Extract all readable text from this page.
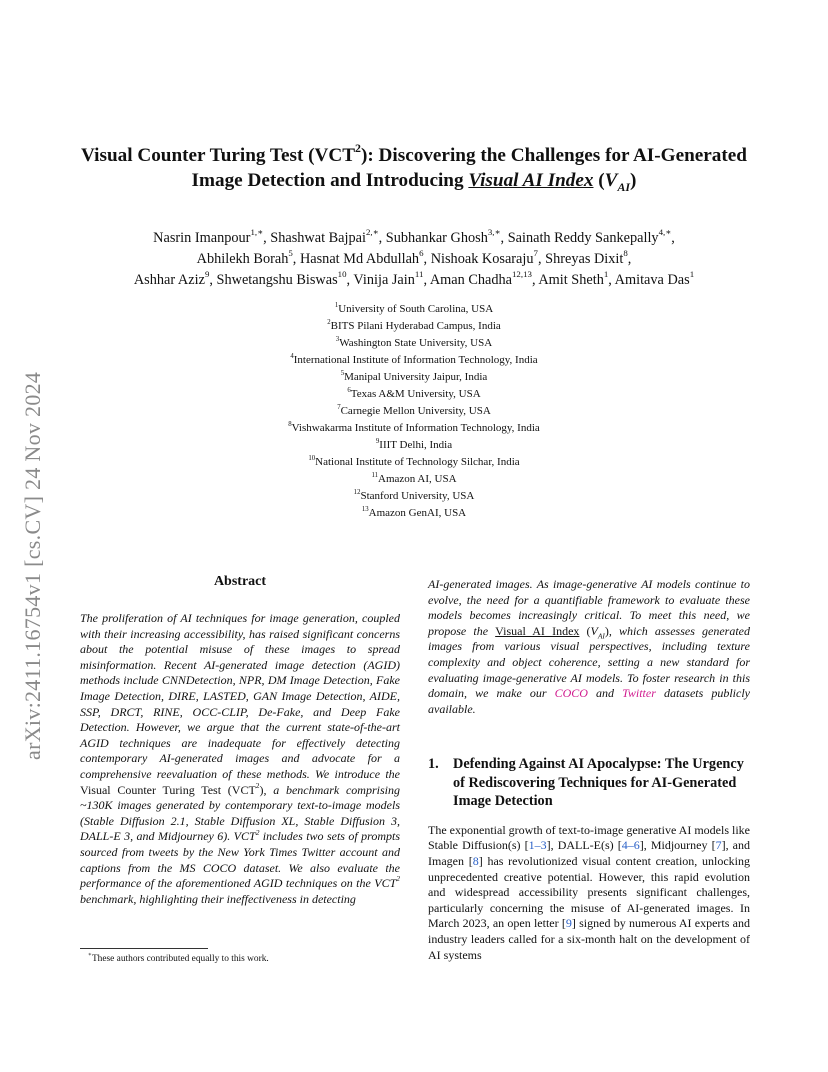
arXiv:2411.16754v1 [cs.CV] 24 Nov 2024
Visual Counter Turing Test (VCT$^2$): Discovering the Challenges for AI-Generated
Image Detection and Introducing Visual AI Index $(V_{AI})$
Nasrin Imanpour$^{1,∗}$, Shashwat Bajpai$^{2,∗}$, Subhankar Ghosh$^{3,∗}$, Sainath Reddy Sankepally$^{4,∗}$,
Abhilekh Borah$^5$, Hasnat Md Abdullah$^6$, Nishoak Kosaraju$^7$, Shreyas Dixit$^8$,
Ashhar Aziz$^9$, Shwetangshu Biswas$^{10}$, Vinija Jain$^{11}$, Aman Chadha$^{12,13}$, Amit Sheth$^1$, Amitava Das$^1$
$^1$University of South Carolina, USA
$^2$BITS Pilani Hyderabad Campus, India
$^3$Washington State University, USA
$^4$International Institute of Information Technology, India
$^5$Manipal University Jaipur, India
$^6$Texas A&M University, USA
$^7$Carnegie Mellon University, USA
$^8$Vishwakarma Institute of Information Technology, India
$^9$IIIT Delhi, India
$^{10}$National Institute of Technology Silchar, India
$^{11}$Amazon AI, USA
$^{12}$Stanford University, USA
$^{13}$Amazon GenAI, USA
Abstract
The proliferation of AI techniques for image generation, coupled with their increasing accessibility, has raised significant concerns about the potential misuse of these images to spread misinformation. Recent AI-generated image detection (AGID) methods include CNNDetection, NPR, DM Image Detection, Fake Image Detection, DIRE, LASTED, GAN Image Detection, AIDE, SSP, DRCT, RINE, OCC-CLIP, De-Fake, and Deep Fake Detection. However, we argue that the current state-of-the-art AGID techniques are inadequate for effectively detecting contemporary AI-generated images and advocate for a comprehensive reevaluation of these methods. We introduce the Visual Counter Turing Test (VCT$^2$), a benchmark comprising ~130K images generated by contemporary text-to-image models (Stable Diffusion 2.1, Stable Diffusion XL, Stable Diffusion 3, DALL-E 3, and Midjourney 6). VCT$^2$ includes two sets of prompts sourced from tweets by the New York Times Twitter account and captions from the MS COCO dataset. We also evaluate the performance of the aforementioned AGID techniques on the VCT$^2$ benchmark, highlighting their ineffectiveness in detecting
∗These authors contributed equally to this work.
AI-generated images. As image-generative AI models continue to evolve, the need for a quantifiable framework to evaluate these models becomes increasingly critical. To meet this need, we propose the Visual AI Index $(V_{AI})$, which assesses generated images from various visual perspectives, including texture complexity and object coherence, setting a new standard for evaluating image-generative AI models. To foster research in this domain, we make our COCO and Twitter datasets publicly available.
1. Defending Against AI Apocalypse: The Urgency of Rediscovering Techniques for AI-Generated Image Detection
The exponential growth of text-to-image generative AI models like Stable Diffusion(s) [1–3], DALL-E(s) [4–6], Midjourney [7], and Imagen [8] has revolutionized visual content creation, unlocking unprecedented creative potential. However, this rapid evolution and widespread accessibility presents significant challenges, particularly concerning the misuse of AI-generated images. In March 2023, an open letter [9] signed by numerous AI experts and industry leaders called for a six-month halt on the development of AI systems
